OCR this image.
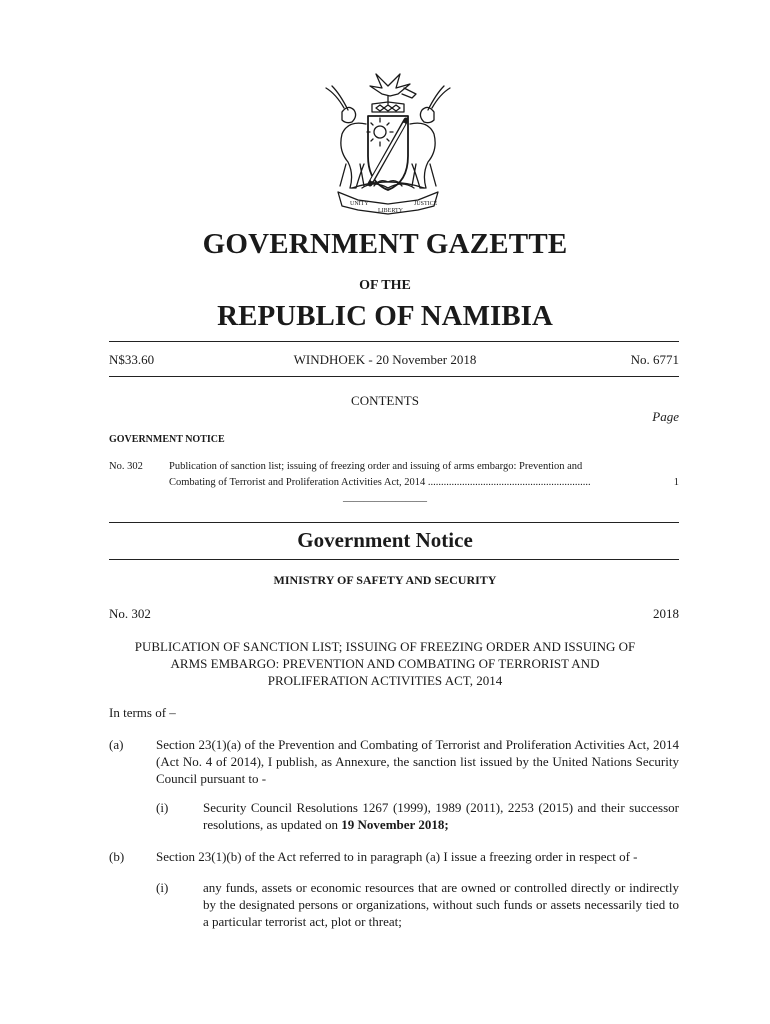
UNITY
LIBERTY
JUSTICE
GOVERNMENT GAZETTE
OF THE
REPUBLIC OF NAMIBIA
N$33.60	WINDHOEK - 20 November 2018	No. 6771
CONTENTS
Page
GOVERNMENT NOTICE
No. 302 Publication of sanction list; issuing of freezing order and issuing of arms embargo: Prevention and
Combating of Terrorist and Proliferation Activities Act, 2014 ..............................................................	1
________________
Government Notice
MINISTRY OF SAFETY AND SECURITY
No. 302	2018
PUBLICATION OF SANCTION LIST; ISSUING OF FREEZING ORDER AND ISSUING OF
ARMS EMBARGO: PREVENTION AND COMBATING OF TERRORIST AND
PROLIFERATION ACTIVITIES ACT, 2014
In terms of –
(a)	Section 23(1)(a) of the Prevention and Combating of Terrorist and Proliferation Activities Act, 2014 (Act No. 4 of 2014), I publish, as Annexure, the sanction list issued by the United Nations Security Council pursuant to -
(i)	Security Council Resolutions 1267 (1999), 1989 (2011), 2253 (2015) and their successor resolutions, as updated on 19 November 2018;
(b) Section 23(1)(b) of the Act referred to in paragraph (a) I issue a freezing order in respect of -
(i)	any funds, assets or economic resources that are owned or controlled directly or indirectly by the designated persons or organizations, without such funds or assets necessarily tied to a particular terrorist act, plot or threat;
